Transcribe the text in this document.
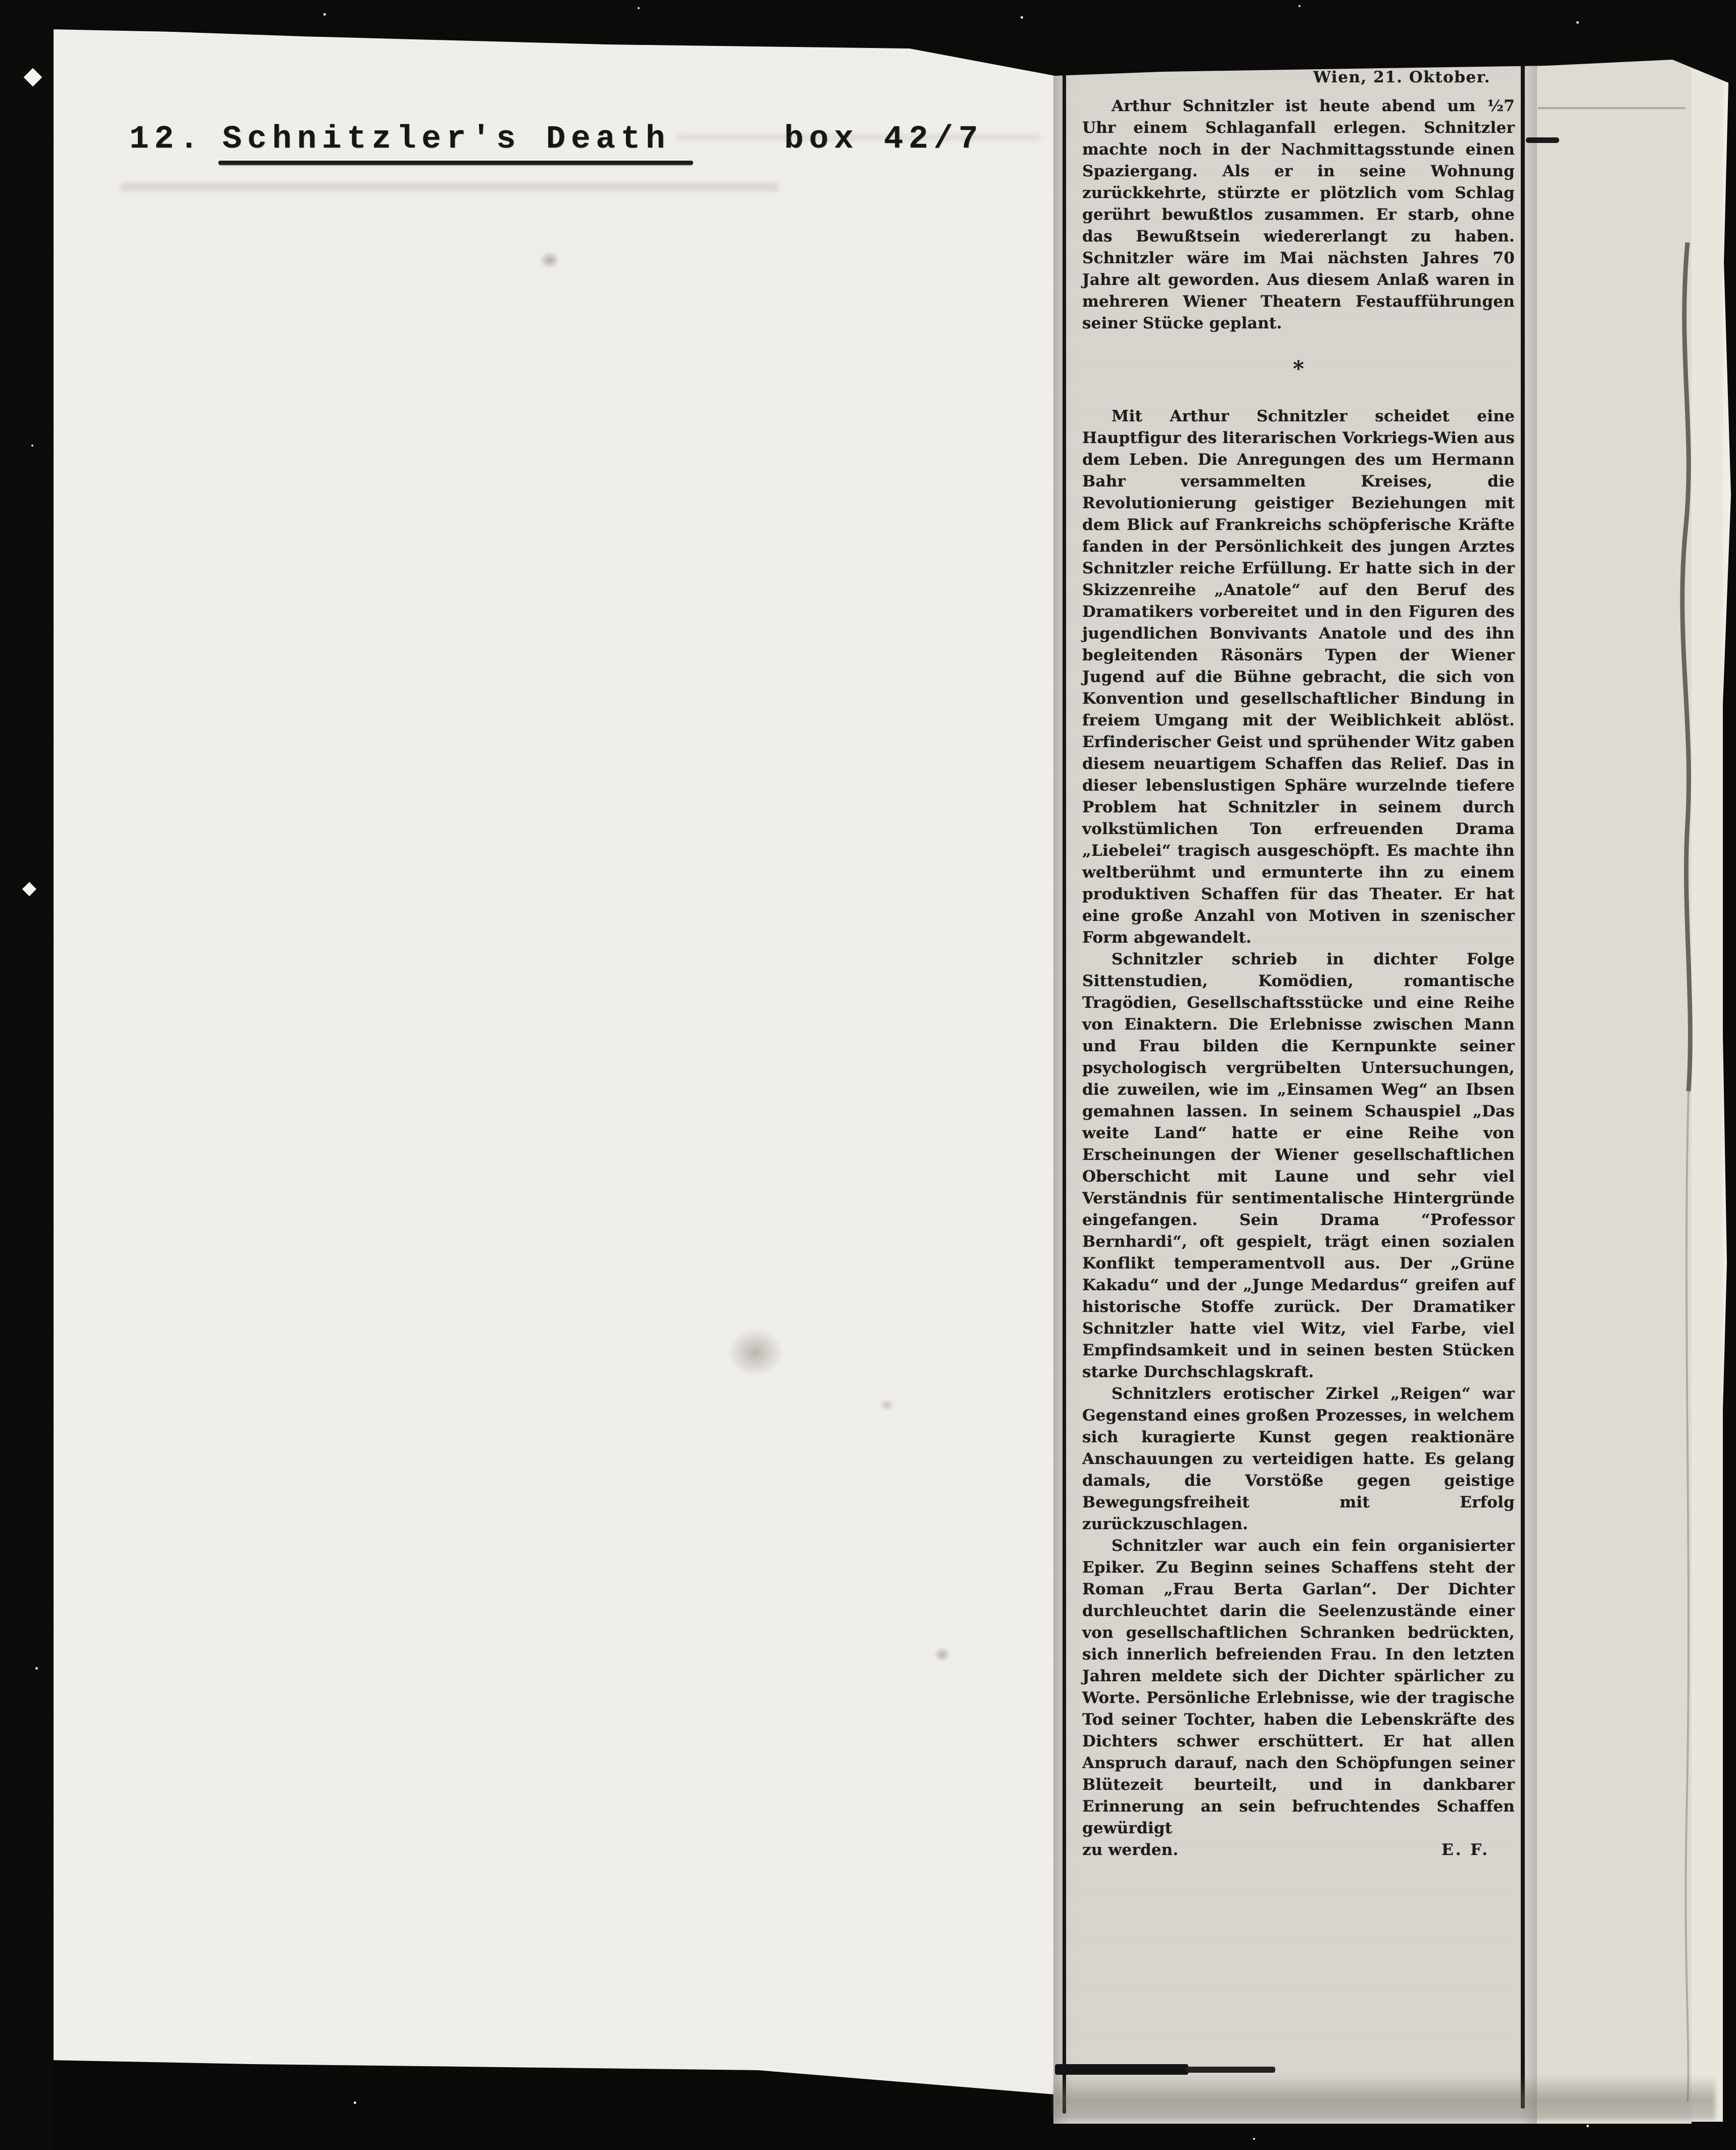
12. Schnitzler's Death	box 42/7
Wien, 21. Oktober.

Arthur Schnitzler ist heute abend um ½7 Uhr einem Schlaganfall erlegen. Schnitzler machte noch in der Nachmittagsstunde einen Spaziergang. Als er in seine Wohnung zurückkehrte, stürzte er plötzlich vom Schlag gerührt bewußtlos zusammen. Er starb, ohne das Bewußtsein wiedererlangt zu haben. Schnitzler wäre im Mai nächsten Jahres 70 Jahre alt geworden. Aus diesem Anlaß waren in mehreren Wiener Theatern Festaufführungen seiner Stücke geplant.

*

Mit Arthur Schnitzler scheidet eine Hauptfigur des literarischen Vorkriegs-Wien aus dem Leben. Die Anregungen des um Hermann Bahr versammelten Kreises, die Revolutionierung geistiger Beziehungen mit dem Blick auf Frankreichs schöpferische Kräfte fanden in der Persönlichkeit des jungen Arztes Schnitzler reiche Erfüllung. Er hatte sich in der Skizzenreihe „Anatole“ auf den Beruf des Dramatikers vorbereitet und in den Figuren des jugendlichen Bonvivants Anatole und des ihn begleitenden Räsonärs Typen der Wiener Jugend auf die Bühne gebracht, die sich von Konvention und gesellschaftlicher Bindung in freiem Umgang mit der Weiblichkeit ablöst. Erfinderischer Geist und sprühender Witz gaben diesem neuartigem Schaffen das Relief. Das in dieser lebenslustigen Sphäre wurzelnde tiefere Problem hat Schnitzler in seinem durch volkstümlichen Ton erfreuenden Drama „Liebelei“ tragisch ausgeschöpft. Es machte ihn weltberühmt und ermunterte ihn zu einem produktiven Schaffen für das Theater. Er hat eine große Anzahl von Motiven in szenischer Form abgewandelt.

Schnitzler schrieb in dichter Folge Sittenstudien, Komödien, romantische Tragödien, Gesellschaftsstücke und eine Reihe von Einaktern. Die Erlebnisse zwischen Mann und Frau bilden die Kernpunkte seiner psychologisch vergrübelten Untersuchungen, die zuweilen, wie im „Einsamen Weg“ an Ibsen gemahnen lassen. In seinem Schauspiel „Das weite Land“ hatte er eine Reihe von Erscheinungen der Wiener gesellschaftlichen Oberschicht mit Laune und sehr viel Verständnis für sentimentalische Hintergründe eingefangen. Sein Drama “Professor Bernhardi“, oft gespielt, trägt einen sozialen Konflikt temperamentvoll aus. Der „Grüne Kakadu“ und der „Junge Medardus“ greifen auf historische Stoffe zurück. Der Dramatiker Schnitzler hatte viel Witz, viel Farbe, viel Empfindsamkeit und in seinen besten Stücken starke Durchschlagskraft.

Schnitzlers erotischer Zirkel „Reigen“ war Gegenstand eines großen Prozesses, in welchem sich kuragierte Kunst gegen reaktionäre Anschauungen zu verteidigen hatte. Es gelang damals, die Vorstöße gegen geistige Bewegungsfreiheit mit Erfolg zurückzuschlagen.

Schnitzler war auch ein fein organisierter Epiker. Zu Beginn seines Schaffens steht der Roman „Frau Berta Garlan“. Der Dichter durchleuchtet darin die Seelenzustände einer von gesellschaftlichen Schranken bedrückten, sich innerlich befreienden Frau. In den letzten Jahren meldete sich der Dichter spärlicher zu Worte. Persönliche Erlebnisse, wie der tragische Tod seiner Tochter, haben die Lebenskräfte des Dichters schwer erschüttert. Er hat allen Anspruch darauf, nach den Schöpfungen seiner Blütezeit beurteilt, und in dankbarer Erinnerung an sein befruchtendes Schaffen gewürdigt

zu werden.	E. F.
